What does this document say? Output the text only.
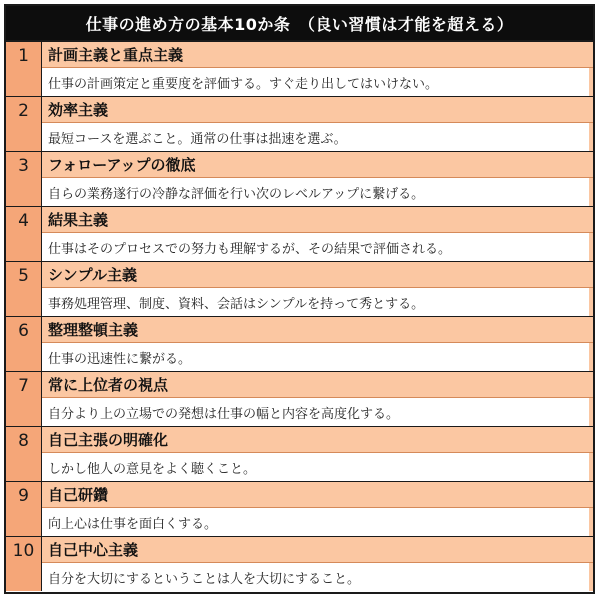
仕事の進め方の基本10か条　（良い習慣は才能を超える）
1	計画主義と重点主義
仕事の計画策定と重要度を評価する。すぐ走り出してはいけない。
2	効率主義
最短コースを選ぶこと。通常の仕事は拙速を選ぶ。
3	フォローアップの徹底
自らの業務遂行の冷静な評価を行い次のレベルアップに繋げる。
4	結果主義
仕事はそのプロセスでの努力も理解するが、その結果で評価される。
5	シンプル主義
事務処理管理、制度、資料、会話はシンプルを持って秀とする。
6	整理整頓主義
仕事の迅速性に繋がる。
7	常に上位者の視点
自分より上の立場での発想は仕事の幅と内容を高度化する。
8	自己主張の明確化
しかし他人の意見をよく聴くこと。
9	自己研鑽
向上心は仕事を面白くする。
10 自己中心主義
自分を大切にするということは人を大切にすること。
